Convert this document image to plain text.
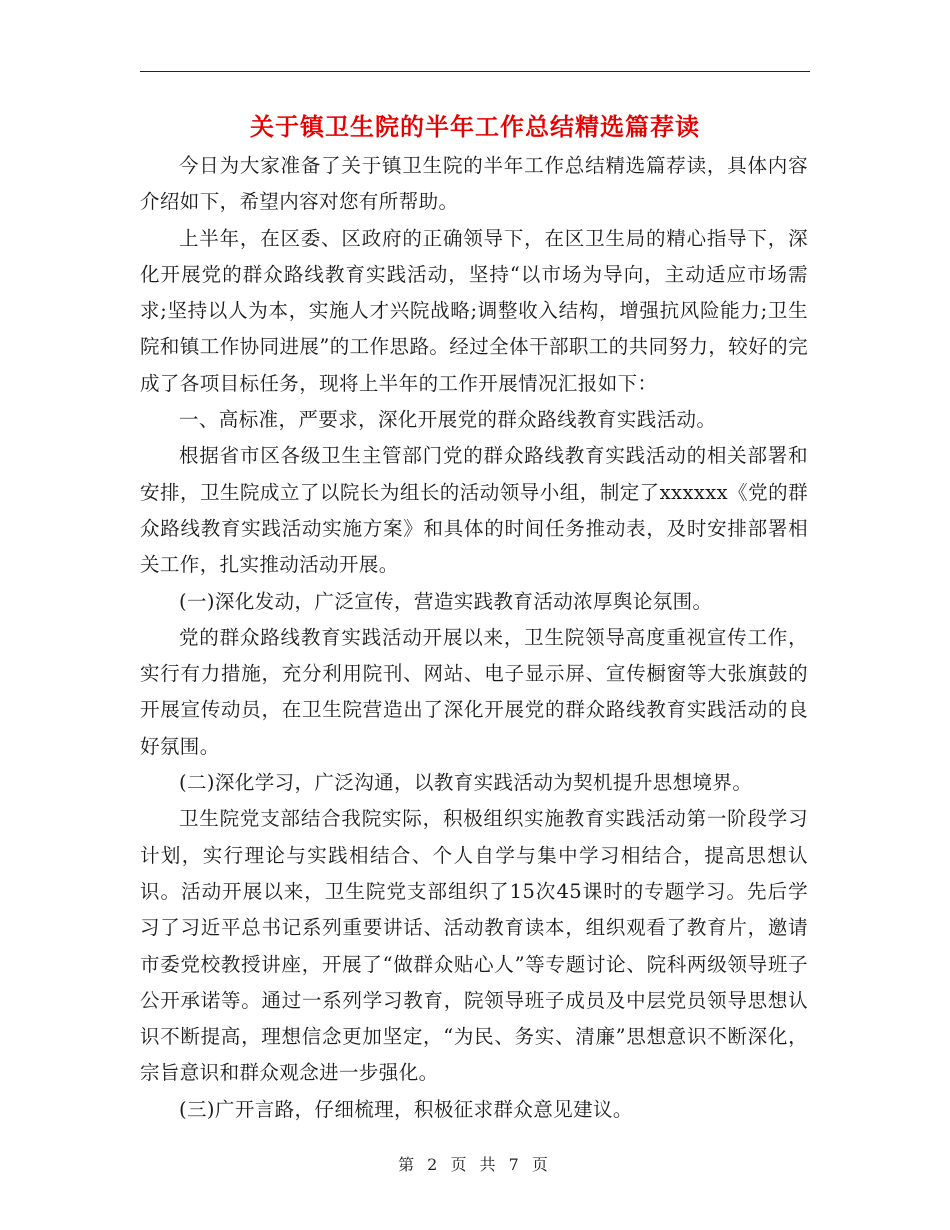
关于镇卫生院的半年工作总结精选篇荐读

今日为大家准备了关于镇卫生院的半年工作总结精选篇荐读，具体内容介绍如下，希望内容对您有所帮助。

上半年，在区委、区政府的正确领导下，在区卫生局的精心指导下，深化开展党的群众路线教育实践活动，坚持“以市场为导向，主动适应市场需求;坚持以人为本，实施人才兴院战略;调整收入结构，增强抗风险能力;卫生院和镇工作协同进展”的工作思路。经过全体干部职工的共同努力，较好的完成了各项目标任务，现将上半年的工作开展情况汇报如下：

一、高标准，严要求，深化开展党的群众路线教育实践活动。

根据省市区各级卫生主管部门党的群众路线教育实践活动的相关部署和安排，卫生院成立了以院长为组长的活动领导小组，制定了xxxxxx《党的群众路线教育实践活动实施方案》和具体的时间任务推动表，及时安排部署相关工作，扎实推动活动开展。

(一)深化发动，广泛宣传，营造实践教育活动浓厚舆论氛围。

党的群众路线教育实践活动开展以来，卫生院领导高度重视宣传工作，实行有力措施，充分利用院刊、网站、电子显示屏、宣传橱窗等大张旗鼓的开展宣传动员，在卫生院营造出了深化开展党的群众路线教育实践活动的良好氛围。

(二)深化学习，广泛沟通，以教育实践活动为契机提升思想境界。

卫生院党支部结合我院实际，积极组织实施教育实践活动第一阶段学习计划，实行理论与实践相结合、个人自学与集中学习相结合，提高思想认识。活动开展以来，卫生院党支部组织了15次45课时的专题学习。先后学习了习近平总书记系列重要讲话、活动教育读本，组织观看了教育片，邀请市委党校教授讲座，开展了“做群众贴心人”等专题讨论、院科两级领导班子公开承诺等。通过一系列学习教育，院领导班子成员及中层党员领导思想认识不断提高，理想信念更加坚定，“为民、务实、清廉”思想意识不断深化，宗旨意识和群众观念进一步强化。

(三)广开言路，仔细梳理，积极征求群众意见建议。

第 2 页 共 7 页
